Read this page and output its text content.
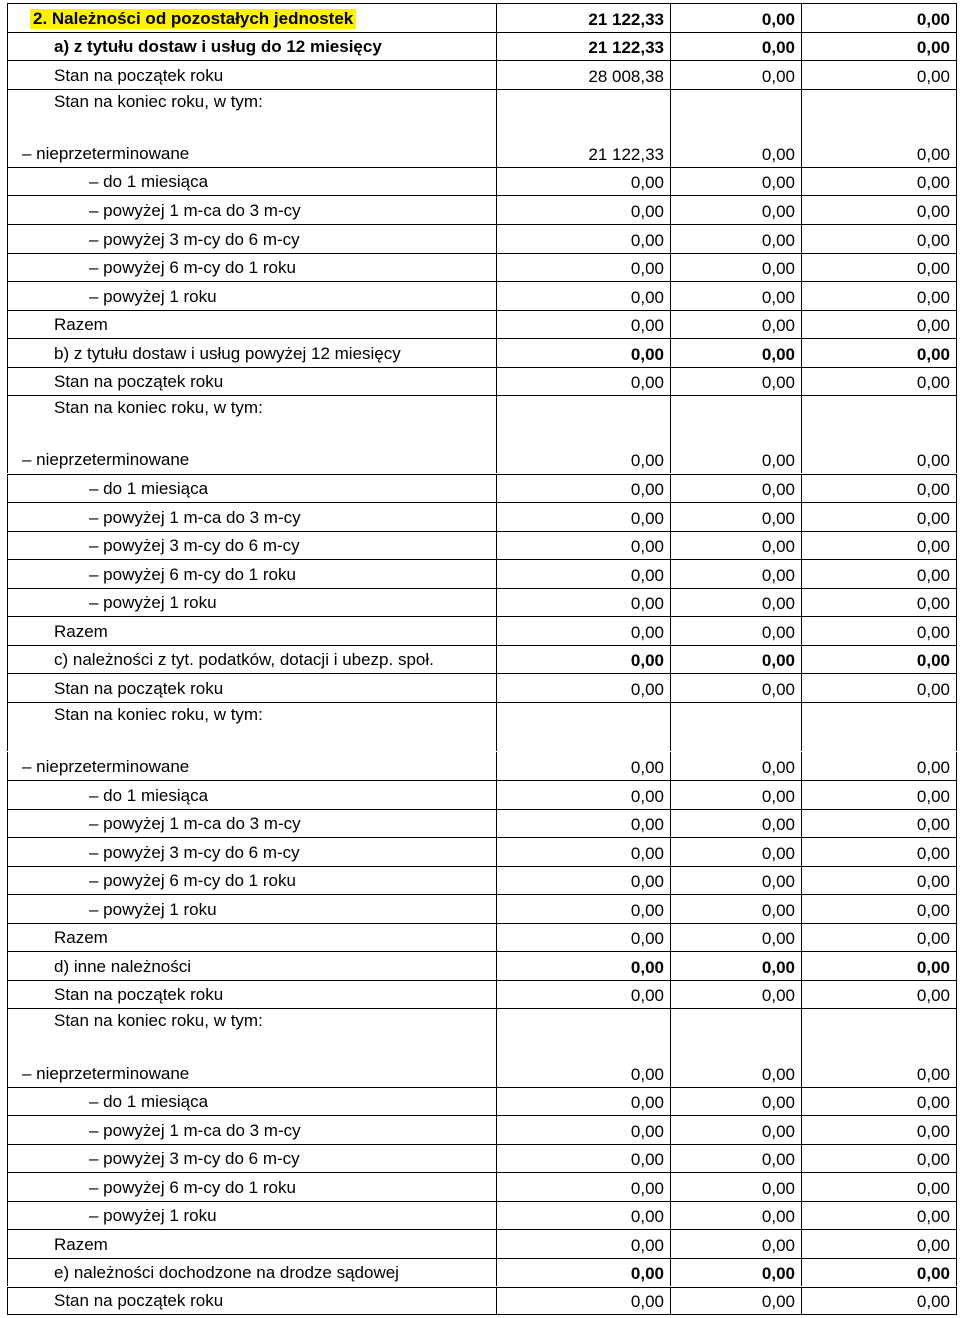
2. Należności od pozostałych jednostek	21 122,33	0,00	0,00
a) z tytułu dostaw i usług do 12 miesięcy	21 122,33	0,00	0,00
Stan na początek roku	28 008,38	0,00	0,00
Stan na koniec roku, w tym:
– nieprzeterminowane	21 122,33	0,00	0,00
– do 1 miesiąca	0,00	0,00	0,00
– powyżej 1 m-ca do 3 m-cy	0,00	0,00	0,00
– powyżej 3 m-cy do 6 m-cy	0,00	0,00	0,00
– powyżej 6 m-cy do 1 roku	0,00	0,00	0,00
– powyżej 1 roku	0,00	0,00	0,00
Razem	0,00	0,00	0,00
b) z tytułu dostaw i usług powyżej 12 miesięcy	0,00	0,00	0,00
Stan na początek roku	0,00	0,00	0,00
Stan na koniec roku, w tym:
– nieprzeterminowane	0,00	0,00	0,00
– do 1 miesiąca	0,00	0,00	0,00
– powyżej 1 m-ca do 3 m-cy	0,00	0,00	0,00
– powyżej 3 m-cy do 6 m-cy	0,00	0,00	0,00
– powyżej 6 m-cy do 1 roku	0,00	0,00	0,00
– powyżej 1 roku	0,00	0,00	0,00
Razem	0,00	0,00	0,00
c) należności z tyt. podatków, dotacji i ubezp. społ.	0,00	0,00	0,00
Stan na początek roku	0,00	0,00	0,00
Stan na koniec roku, w tym:
– nieprzeterminowane	0,00	0,00	0,00
– do 1 miesiąca	0,00	0,00	0,00
– powyżej 1 m-ca do 3 m-cy	0,00	0,00	0,00
– powyżej 3 m-cy do 6 m-cy	0,00	0,00	0,00
– powyżej 6 m-cy do 1 roku	0,00	0,00	0,00
– powyżej 1 roku	0,00	0,00	0,00
Razem	0,00	0,00	0,00
d) inne należności	0,00	0,00	0,00
Stan na początek roku	0,00	0,00	0,00
Stan na koniec roku, w tym:
– nieprzeterminowane	0,00	0,00	0,00
– do 1 miesiąca	0,00	0,00	0,00
– powyżej 1 m-ca do 3 m-cy	0,00	0,00	0,00
– powyżej 3 m-cy do 6 m-cy	0,00	0,00	0,00
– powyżej 6 m-cy do 1 roku	0,00	0,00	0,00
– powyżej 1 roku	0,00	0,00	0,00
Razem	0,00	0,00	0,00
e) należności dochodzone na drodze sądowej	0,00	0,00	0,00
Stan na początek roku	0,00	0,00	0,00
